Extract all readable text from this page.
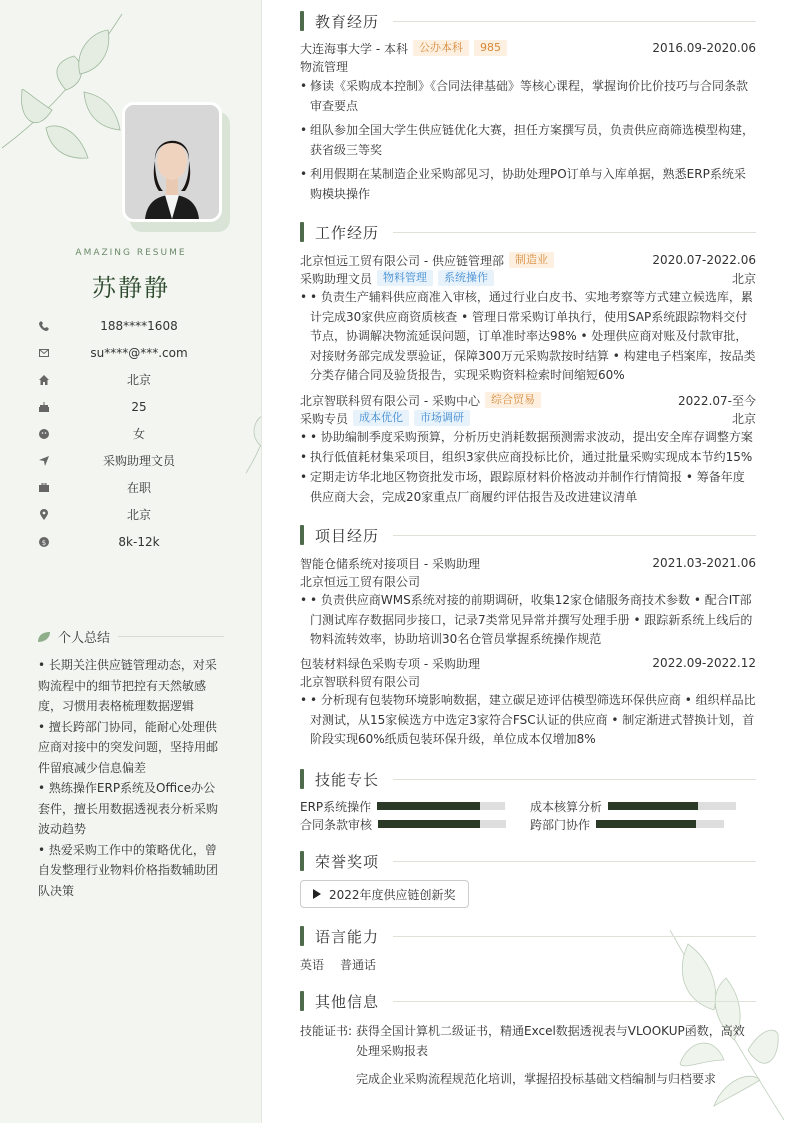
AMAZING RESUME
苏静静
188****1608
su****@***.com
北京
25
女
采购助理文员
在职
北京
$	8k-12k
个人总结
• 长期关注供应链管理动态，对采购流程中的细节把控有天然敏感度，习惯用表格梳理数据逻辑
• 擅长跨部门协同，能耐心处理供应商对接中的突发问题，坚持用邮件留痕减少信息偏差
• 熟练操作ERP系统及Office办公套件，擅长用数据透视表分析采购波动趋势
• 热爱采购工作中的策略优化，曾自发整理行业物料价格指数辅助团队决策
教育经历
大连海事大学 - 本科	公办本科	985	2016.09-2020.06
物流管理
• 修读《采购成本控制》《合同法律基础》等核心课程，掌握询价比价技巧与合同条款审查要点
• 组队参加全国大学生供应链优化大赛，担任方案撰写员，负责供应商筛选模型构建，获省级三等奖
• 利用假期在某制造企业采购部见习，协助处理PO订单与入库单据，熟悉ERP系统采购模块操作
工作经历
北京恒远工贸有限公司 - 供应链管理部	制造业	2020.07-2022.06
采购助理文员	物料管理	系统操作	北京
• • 负责生产辅料供应商准入审核，通过行业白皮书、实地考察等方式建立候选库，累计完成30家供应商资质核查 • 管理日常采购订单执行，使用SAP系统跟踪物料交付节点，协调解决物流延误问题，订单准时率达98% • 处理供应商对账及付款审批，对接财务部完成发票验证，保障300万元采购款按时结算 • 构建电子档案库，按品类分类存储合同及验货报告，实现采购资料检索时间缩短60%
北京智联科贸有限公司 - 采购中心	综合贸易	2022.07-至今
采购专员	成本优化	市场调研	北京
• • 协助编制季度采购预算，分析历史消耗数据预测需求波动，提出安全库存调整方案
• 执行低值耗材集采项目，组织3家供应商投标比价，通过批量采购实现成本节约15%
• 定期走访华北地区物资批发市场，跟踪原材料价格波动并制作行情简报 • 筹备年度供应商大会，完成20家重点厂商履约评估报告及改进建议清单
项目经历
智能仓储系统对接项目 - 采购助理	2021.03-2021.06
北京恒远工贸有限公司
• • 负责供应商WMS系统对接的前期调研，收集12家仓储服务商技术参数 • 配合IT部门测试库存数据同步接口，记录7类常见异常并撰写处理手册 • 跟踪新系统上线后的物料流转效率，协助培训30名仓管员掌握系统操作规范
包装材料绿色采购专项 - 采购助理	2022.09-2022.12
北京智联科贸有限公司
• • 分析现有包装物环境影响数据，建立碳足迹评估模型筛选环保供应商 • 组织样品比对测试，从15家候选方中选定3家符合FSC认证的供应商 • 制定渐进式替换计划，首阶段实现60%纸质包装环保升级，单位成本仅增加8%
技能专长
ERP系统操作	成本核算分析
合同条款审核	跨部门协作
荣誉奖项
2022年度供应链创新奖
语言能力
英语 普通话
其他信息
技能证书: 获得全国计算机二级证书，精通Excel数据透视表与VLOOKUP函数，高效处理采购报表
完成企业采购流程规范化培训，掌握招投标基础文档编制与归档要求
